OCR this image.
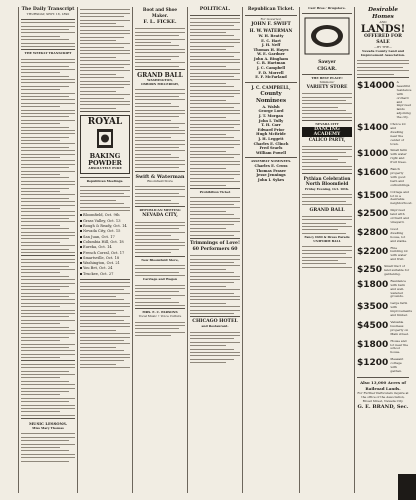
The Daily Transcript
THURSDAY, SEPT. 18, 1890
THE WEEKLY TRANSCRIPT
MUSIC LESSONS.
Miss Mary Thomas
ROYAL
BAKING
POWDER
ABSOLUTELY PURE
Republican Meetings.
Bloomfield, Oct. 9th
Grass Valley, Oct. 13
Rough & Ready, Oct. 14
Nevada City, Oct. 15
San Juan, Oct. 17
Columbia Hill, Oct. 18
Eureka, Oct. 14
French Corral, Oct. 17
Smartsville, Oct. 18
Washington, Oct. 21
You Bet, Oct. 24
Truckee, Oct. 27
Boot and Shoe Maker.
F. L. FICKE.
GRAND BALL
WASHINGTON,
OSBORN MILLERIGH,
Swift & Waterman
Bloomfield Store
REPUBLICAN MEETING
NEVADA CITY,
New Bloomfield Store,
Carriage and Wagon
MRS. E. C. PARSONS
Vocal Music • Voice Culture
POLITICAL.
Prohibition Ticket
Trimmings of Love!
60 Performers 60
CHICAGO HOTEL
and Restaurant.
Republican Ticket.
For Governor,
JOHN F. SWIFT
H. W. WATERMAN
W. H. Beatty
E. C. Hart
J. H. Neff
Thomas H. Hayes
W. E. Gardner
John A. Bingham
C. R. Hartman
J. C. Campbell
F. D. Morrell
E. F. McFarland
J. C. CAMPBELL,
County Nominees
A. Walsh
George Lord
J. T. Morgan
John I. Tully
T. H. Carr
Edward Prior
Hugh McBride
J. H. Leggett
Charles E. Clinch
Fred Searls
William Powell
ASSEMBLY NOMINEES.
Charles E. Cross
Thomas Fraser
Jesse Jennings
John I. Sykes
Carr Bros.' Drugstore.
Sawyer
CIGAR.
THE BEST PLACE!
Simmons'
VARIETY STORE
NEVADA CITY
DANCING
ACADEMY
CALICO PARTY,
Pythian Celebration
North Bloomfield
Friday Evening, Oct. 10th.
GRAND BALL
Fancy Drill & Dress Parade
UNIFORM BALL
Desirable Homes
AND
LANDS!
OFFERED FOR SALE
—BY THE—
Nevada County Land and Improvement Association.
$14000 A beautiful residence with orchard and improved lands adjoining the city.
$1400 Choice lot and dwelling near the center of town.
$1000 Small farm with water right and fruit trees.
$1600 Ranch property with good barn and outbuildings.
$1500 Cottage and lot in a desirable neighborhood.
$2500 Improved land with orchard and vineyard.
$2800 Good dwelling house, lot and stable.
$2200 Fine building lot with water and fruit.
$250 Small tract of land suitable for gardening.
$1800 Residence with barn and well-watered grounds.
$3500 Large farm with improvements and timber.
$4500 Valuable business property on Main street.
$1800 House and lot near the school house.
$1200 Pleasant cottage with garden.
Also 13,000 Acres of Railroad Lands.
For Further Particulars inquire at the office of the Association, Broad Street, Nevada City.
G. E. BRAND, Sec.
